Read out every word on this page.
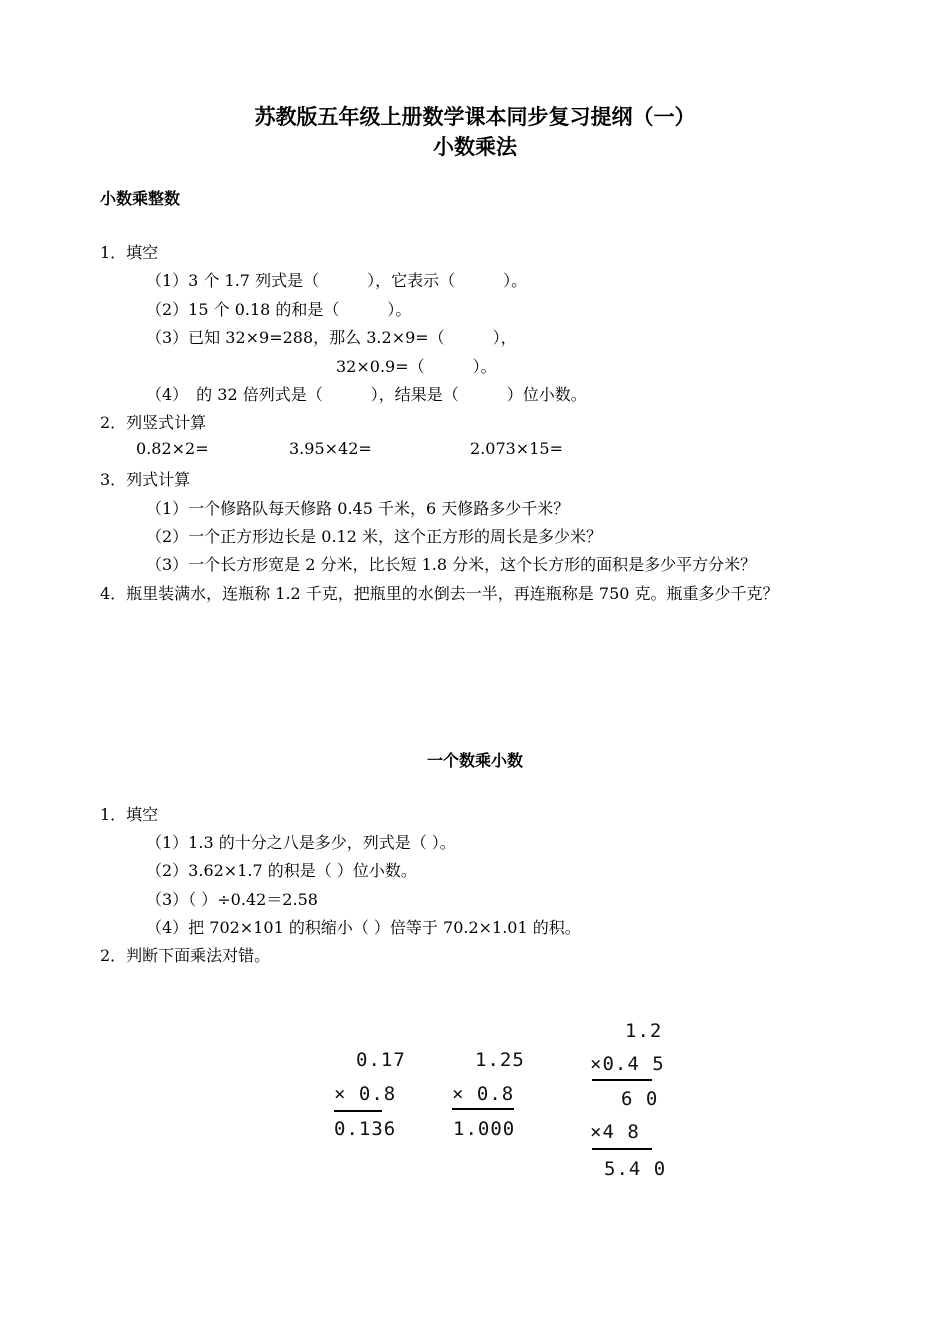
苏教版五年级上册数学课本同步复习提纲（一）
小数乘法
小数乘整数
1．填空
（1）3 个 1.7 列式是（　　　），它表示（　　　）。
（2）15 个 0.18 的和是（　　　）。
（3）已知 32×9=288，那么 3.2×9=（　　　），
32×0.9=（　　　）。
（4）　的 32 倍列式是（　　　），结果是（　　　）位小数。
2．列竖式计算
0.82×2=	3.95×42=	2.073×15=
3．列式计算
（1）一个修路队每天修路 0.45 千米，6 天修路多少千米？
（2）一个正方形边长是 0.12 米，这个正方形的周长是多少米？
（3）一个长方形宽是 2 分米，比长短 1.8 分米，这个长方形的面积是多少平方分米？
4．瓶里装满水，连瓶称 1.2 千克，把瓶里的水倒去一半，再连瓶称是 750 克。瓶重多少千克？
一个数乘小数
1．填空
（1）1.3 的十分之八是多少，列式是（ ）。
（2）3.62×1.7 的积是（ ）位小数。
（3）（ ）÷0.42＝2.58
（4）把 702×101 的积缩小（ ）倍等于 70.2×1.01 的积。
2．判断下面乘法对错。
0.17
× 0.8
0.136
1.25
× 0.8
1.000
1.2
×0.4 5
6 0
×4 8
5.4 0
